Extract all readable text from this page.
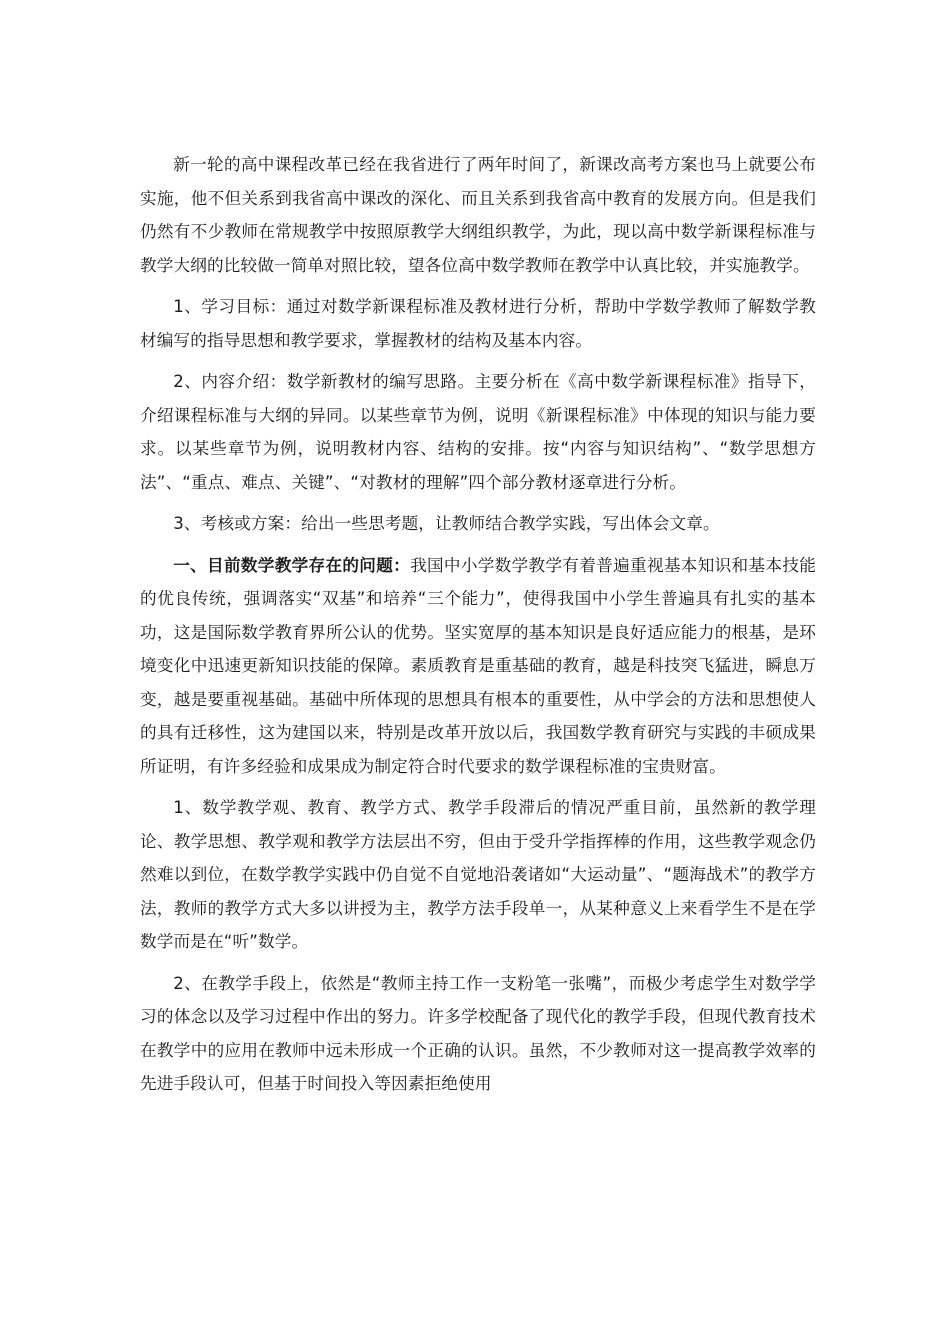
新一轮的高中课程改革已经在我省进行了两年时间了，新课改高考方案也马上就要公布实施，他不但关系到我省高中课改的深化、而且关系到我省高中教育的发展方向。但是我们仍然有不少教师在常规教学中按照原教学大纲组织教学，为此，现以高中数学新课程标准与教学大纲的比较做一简单对照比较，望各位高中数学教师在教学中认真比较，并实施教学。

1、学习目标：通过对数学新课程标准及教材进行分析，帮助中学数学教师了解数学教材编写的指导思想和教学要求，掌握教材的结构及基本内容。

2、内容介绍：数学新教材的编写思路。主要分析在《高中数学新课程标准》指导下，介绍课程标准与大纲的异同。以某些章节为例，说明《新课程标准》中体现的知识与能力要求。以某些章节为例，说明教材内容、结构的安排。按“内容与知识结构”、“数学思想方法”、“重点、难点、关键”、“对教材的理解”四个部分教材逐章进行分析。

3、考核或方案：给出一些思考题，让教师结合教学实践，写出体会文章。

一、目前数学教学存在的问题：我国中小学数学教学有着普遍重视基本知识和基本技能的优良传统，强调落实“双基”和培养“三个能力”，使得我国中小学生普遍具有扎实的基本功，这是国际数学教育界所公认的优势。坚实宽厚的基本知识是良好适应能力的根基，是环境变化中迅速更新知识技能的保障。素质教育是重基础的教育，越是科技突飞猛进，瞬息万变，越是要重视基础。基础中所体现的思想具有根本的重要性，从中学会的方法和思想使人的具有迁移性，这为建国以来，特别是改革开放以后，我国数学教育研究与实践的丰硕成果所证明，有许多经验和成果成为制定符合时代要求的数学课程标准的宝贵财富。

1、数学教学观、教育、教学方式、教学手段滞后的情况严重目前，虽然新的教学理论、教学思想、教学观和教学方法层出不穷，但由于受升学指挥棒的作用，这些教学观念仍然难以到位，在数学教学实践中仍自觉不自觉地沿袭诸如“大运动量”、“题海战术”的教学方法，教师的教学方式大多以讲授为主，教学方法手段单一，从某种意义上来看学生不是在学数学而是在“听”数学。

2、在教学手段上，依然是“教师主持工作一支粉笔一张嘴”，而极少考虑学生对数学学习的体念以及学习过程中作出的努力。许多学校配备了现代化的教学手段，但现代教育技术在教学中的应用在教师中远未形成一个正确的认识。虽然，不少教师对这一提高教学效率的先进手段认可，但基于时间投入等因素拒绝使用
